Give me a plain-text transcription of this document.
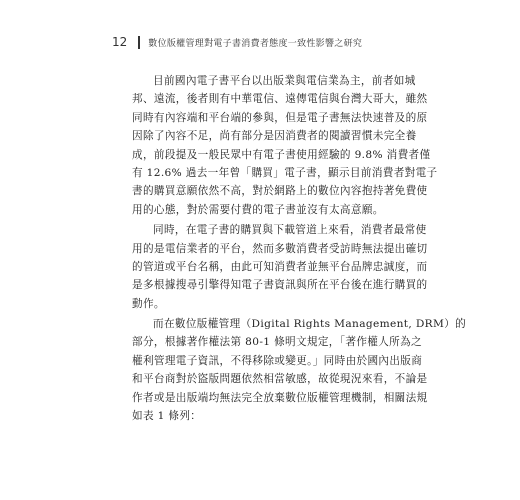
12 數位版權管理對電子書消費者態度一致性影響之研究
目前國內電子書平台以出版業與電信業為主，前者如城
邦、遠流，後者則有中華電信、遠傳電信與台灣大哥大，雖然
同時有內容端和平台端的參與，但是電子書無法快速普及的原
因除了內容不足，尚有部分是因消費者的閱讀習慣未完全養
成，前段提及一般民眾中有電子書使用經驗的 9.8% 消費者僅
有 12.6% 過去一年曾「購買」電子書，顯示目前消費者對電子
書的購買意願依然不高，對於網路上的數位內容抱持著免費使
用的心態，對於需要付費的電子書並沒有太高意願。
同時，在電子書的購買與下載管道上來看，消費者最常使
用的是電信業者的平台，然而多數消費者受訪時無法提出確切
的管道或平台名稱，由此可知消費者並無平台品牌忠誠度，而
是多根據搜尋引擎得知電子書資訊與所在平台後在進行購買的
動作。
而在數位版權管理（Digital Rights Management, DRM）的
部分，根據著作權法第 80-1 條明文規定，「著作權人所為之
權利管理電子資訊，不得移除或變更。」同時由於國內出版商
和平台商對於盜版問題依然相當敏感，故從現況來看，不論是
作者或是出版端均無法完全放棄數位版權管理機制，相關法規
如表 1 條列：
